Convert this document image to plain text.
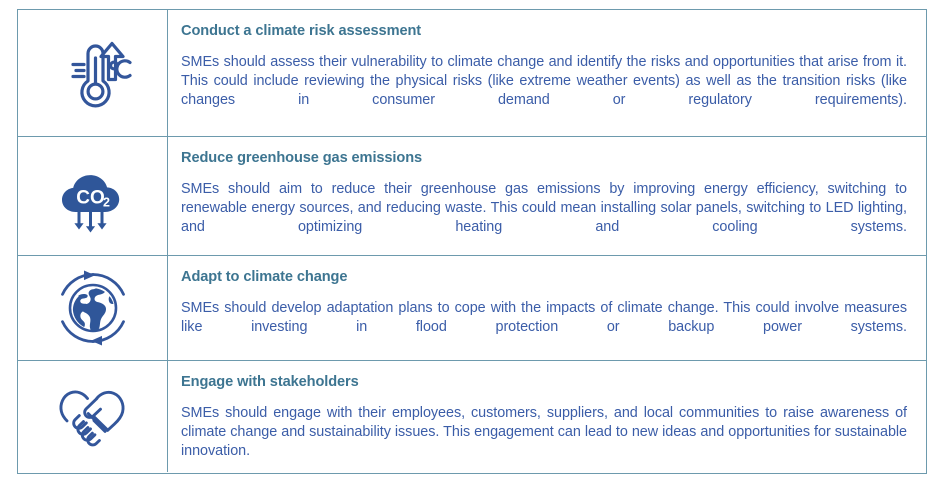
Conduct a climate risk assessment
SMEs should assess their vulnerability to climate change and identify the risks and opportunities that arise from it. This could include reviewing the physical risks (like extreme weather events) as well as the transition risks (like changes in consumer demand or regulatory requirements).
CO
2
Reduce greenhouse gas emissions
SMEs should aim to reduce their greenhouse gas emissions by improving energy efficiency, switching to renewable energy sources, and reducing waste. This could mean installing solar panels, switching to LED lighting, and optimizing heating and cooling systems.
Adapt to climate change
SMEs should develop adaptation plans to cope with the impacts of climate change. This could involve measures like investing in flood protection or backup power systems.
Engage with stakeholders
SMEs should engage with their employees, customers, suppliers, and local communities to raise awareness of climate change and sustainability issues. This engagement can lead to new ideas and opportunities for sustainable innovation.
